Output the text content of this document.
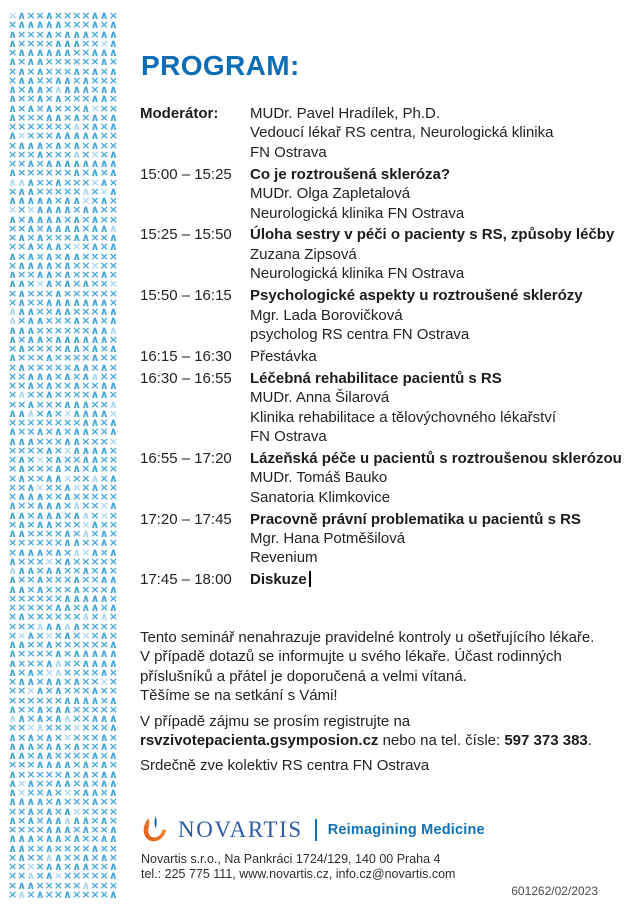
×∧××∧××××∧∧×
×∧∧∧∧∧×××∧×∧
∧×××∧×∧∧∧×∧∧
∧××××∧∧∧×××∧
×∧∧∧∧∧∧××∧∧∧
∧×∧∧××××××∧×
×∧×∧×××∧×∧×∧
×∧∧××∧∧×∧×××
∧×∧∧×∧∧∧∧×∧∧
∧××∧×∧×××∧∧×
∧×∧×∧×××∧×××
∧×××∧∧×∧×∧×∧
×××××××∧×∧×∧
∧××××∧∧∧∧∧××
×∧∧∧×∧×∧×∧××
×××∧×××∧×××∧
××∧×∧∧∧∧∧∧∧∧
∧××××××∧×∧×∧
∧∧∧××∧××××∧×
×∧∧×××××∧××∧
∧∧∧∧∧×∧∧××∧×
×××∧∧∧∧×∧∧××
∧×∧∧∧∧×∧×∧××
××∧×∧∧∧∧×∧∧∧
×∧×∧×××∧∧××∧
××∧×∧∧×××∧×∧
∧×∧×∧×∧∧××××
×∧∧∧∧×∧×××××
∧××∧∧×∧×××∧×
∧∧××∧×∧×∧×××
×∧×××∧××××××
×∧××∧∧∧∧∧∧∧×
∧∧∧××∧∧×××∧∧
∧×∧∧×××∧×∧×∧
∧∧∧××××××∧∧∧
∧×∧∧×∧∧∧∧∧∧×
×∧××××∧∧×∧×∧
∧×××∧××××∧××
×∧×××××∧∧×∧×
××∧∧∧×∧×∧∧××
××∧×∧××∧××∧∧
×∧××∧××××∧∧×
××∧×××∧∧∧××∧
∧∧∧×∧××∧∧∧∧×
××××××××∧∧×∧
∧××∧×∧×∧∧××∧
∧∧∧×××∧∧××××
××××∧××∧∧∧∧×
×∧×××∧××∧∧××
×∧×××∧×∧×∧××
×∧××∧∧×××∧×∧
××∧×××∧××∧××
×∧∧∧××∧×××××
∧××∧∧∧×∧×××∧
∧∧×∧∧∧×∧∧×××
×∧×∧∧××××∧××
∧∧××××∧×∧×∧×
××××××∧∧××∧×
×∧∧∧×∧×∧×∧×∧
∧×××××∧×××××
∧∧∧×∧∧××∧×∧×
∧××∧×××∧××∧∧
∧∧×∧×××∧×××∧
××××××∧∧∧∧∧×
×××××∧∧×∧∧×∧
×∧××××××∧×∧×
×××∧∧∧∧∧××××
××∧×××∧×××∧×
∧∧××∧××××××∧
∧××××∧×∧∧∧∧∧
∧×××∧∧××∧∧∧∧
∧×∧××∧××××∧×
×∧∧×∧∧×∧××××
×××∧×∧×××∧××
××××××∧∧∧∧×∧
∧××∧×∧∧×××××
∧∧×∧×∧∧××∧∧∧
×××∧×××××××∧
∧×∧×∧×××××∧×
∧∧∧×∧∧×∧××∧×
∧∧×∧∧××××∧×∧
×××∧∧∧∧×∧×∧×
∧×××××∧×∧×∧∧
∧×∧××∧∧×∧×∧∧
∧×××∧×××∧∧×∧
∧∧∧∧×∧×××∧××
××∧×∧×∧×××××
∧×∧×∧∧∧∧∧×∧×
××××∧∧∧×∧××∧
∧∧∧×∧∧×∧××∧∧
∧∧××∧××××∧××
×∧××∧∧××∧×∧×
××××∧∧×∧∧××∧
××∧×∧××××××∧
×∧∧×××××∧×××
×∧×∧××∧××××∧
PROGRAM:
Moderátor:	MUDr. Pavel Hradílek, Ph.D.
Vedoucí lékař RS centra, Neurologická klinika
FN Ostrava
15:00 – 15:25	Co je roztroušená skleróza?
MUDr. Olga Zapletalová
Neurologická klinika FN Ostrava
15:25 – 15:50	Úloha sestry v péči o pacienty s RS, způsoby léčby
Zuzana Zipsová
Neurologická klinika FN Ostrava
15:50 – 16:15	Psychologické aspekty u roztroušené sklerózy
Mgr. Lada Borovičková
psycholog RS centra FN Ostrava
16:15 – 16:30	Přestávka
16:30 – 16:55	Léčebná rehabilitace pacientů s RS
MUDr. Anna Šilarová
Klinika rehabilitace a tělovýchovného lékařství
FN Ostrava
16:55 – 17:20	Lázeňská péče u pacientů s roztroušenou sklerózou
MUDr. Tomáš Bauko
Sanatoria Klimkovice
17:20 – 17:45	Pracovně právní problematika u pacientů s RS
Mgr. Hana Potměšilová
Revenium
17:45 – 18:00	Diskuze

Tento seminář nenahrazuje pravidelné kontroly u ošetřujícího lékaře.
V případě dotazů se informujte u svého lékaře. Účast rodinných
příslušníků a přátel je doporučená a velmi vítaná.
Těšíme se na setkání s Vámi!

V případě zájmu se prosím registrujte na
rsvzivotepacienta.gsymposion.cz nebo na tel. čísle: 597 373 383.

Srdečně zve kolektiv RS centra FN Ostrava

NOVARTIS Reimagining Medicine
Novartis s.r.o., Na Pankráci 1724/129, 140 00 Praha 4
tel.: 225 775 111, www.novartis.cz, info.cz@novartis.com
601262/02/2023
